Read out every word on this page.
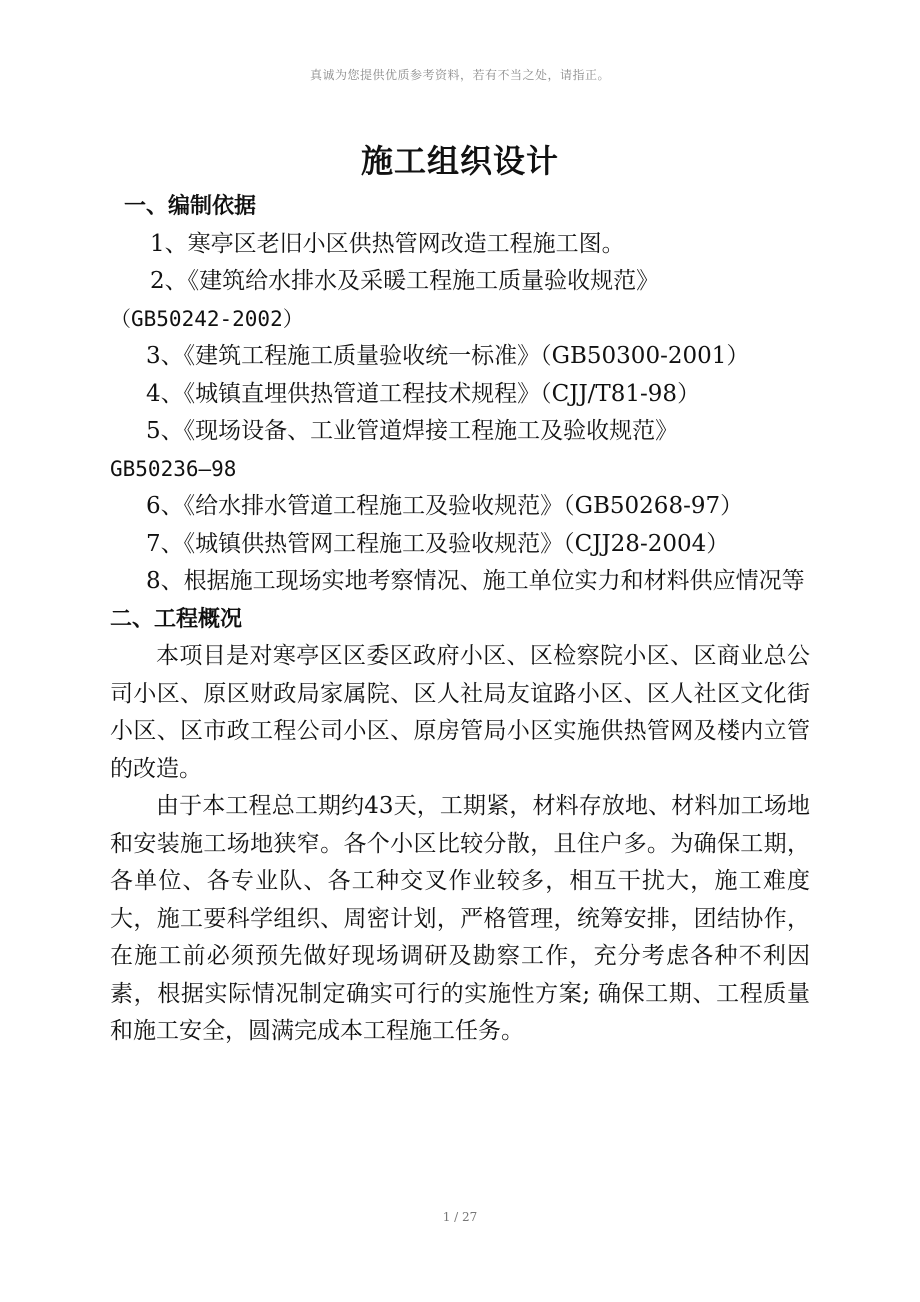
真诚为您提供优质参考资料，若有不当之处，请指正。
施工组织设计
一、编制依据
1、寒亭区老旧小区供热管网改造工程施工图。
2、《建筑给水排水及采暖工程施工质量验收规范》
（GB50242-2002）
3、《建筑工程施工质量验收统一标准》（GB50300-2001）
4、《城镇直埋供热管道工程技术规程》（CJJ/T81-98）
5、《现场设备、工业管道焊接工程施工及验收规范》
GB50236—98
6、《给水排水管道工程施工及验收规范》（GB50268-97）
7、《城镇供热管网工程施工及验收规范》（CJJ28-2004）
8、根据施工现场实地考察情况、施工单位实力和材料供应情况等
二、工程概况
本项目是对寒亭区区委区政府小区、区检察院小区、区商业总公司小区、原区财政局家属院、区人社局友谊路小区、区人社区文化街小区、区市政工程公司小区、原房管局小区实施供热管网及楼内立管的改造。
由于本工程总工期约43天，工期紧，材料存放地、材料加工场地和安装施工场地狭窄。各个小区比较分散，且住户多。为确保工期，各单位、各专业队、各工种交叉作业较多，相互干扰大，施工难度大，施工要科学组织、周密计划，严格管理，统筹安排，团结协作，在施工前必须预先做好现场调研及勘察工作，充分考虑各种不利因素，根据实际情况制定确实可行的实施性方案; 确保工期、工程质量和施工安全，圆满完成本工程施工任务。
1 / 27
